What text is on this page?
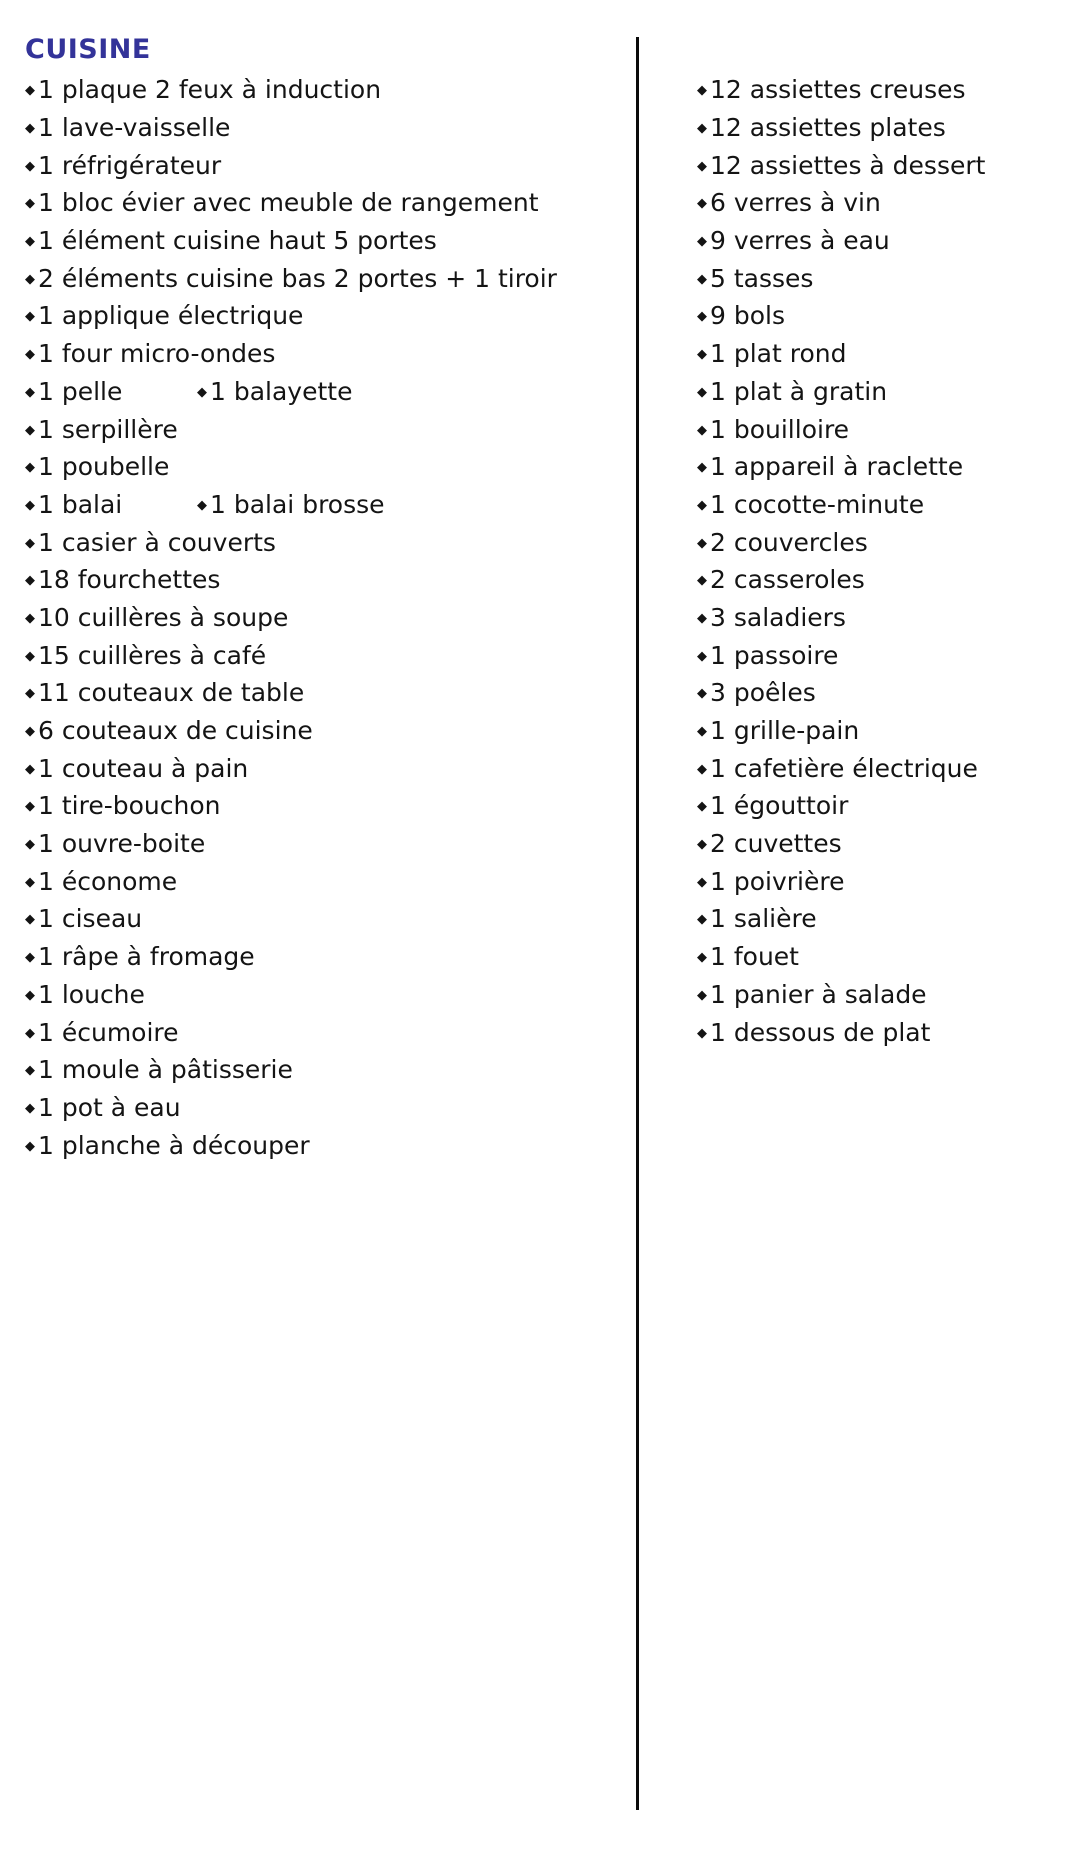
CUISINE
◆ 1 plaque 2 feux à induction
◆ 1 lave-vaisselle
◆ 1 réfrigérateur
◆ 1 bloc évier avec meuble de rangement
◆ 1 élément cuisine haut 5 portes
◆ 2 éléments cuisine bas 2 portes + 1 tiroir
◆ 1 applique électrique
◆ 1 four micro-ondes
◆ 1 pelle	◆ 1 balayette
◆ 1 serpillère
◆ 1 poubelle
◆ 1 balai	◆ 1 balai brosse
◆ 1 casier à couverts
◆ 18 fourchettes
◆ 10 cuillères à soupe
◆ 15 cuillères à café
◆ 11 couteaux de table
◆ 6 couteaux de cuisine
◆ 1 couteau à pain
◆ 1 tire-bouchon
◆ 1 ouvre-boite
◆ 1 économe
◆ 1 ciseau
◆ 1 râpe à fromage
◆ 1 louche
◆ 1 écumoire
◆ 1 moule à pâtisserie
◆ 1 pot à eau
◆ 1 planche à découper
◆ 12 assiettes creuses
◆ 12 assiettes plates
◆ 12 assiettes à dessert
◆ 6 verres à vin
◆ 9 verres à eau
◆ 5 tasses
◆ 9 bols
◆ 1 plat rond
◆ 1 plat à gratin
◆ 1 bouilloire
◆ 1 appareil à raclette
◆ 1 cocotte-minute
◆ 2 couvercles
◆ 2 casseroles
◆ 3 saladiers
◆ 1 passoire
◆ 3 poêles
◆ 1 grille-pain
◆ 1 cafetière électrique
◆ 1 égouttoir
◆ 2 cuvettes
◆ 1 poivrière
◆ 1 salière
◆ 1 fouet
◆ 1 panier à salade
◆ 1 dessous de plat
